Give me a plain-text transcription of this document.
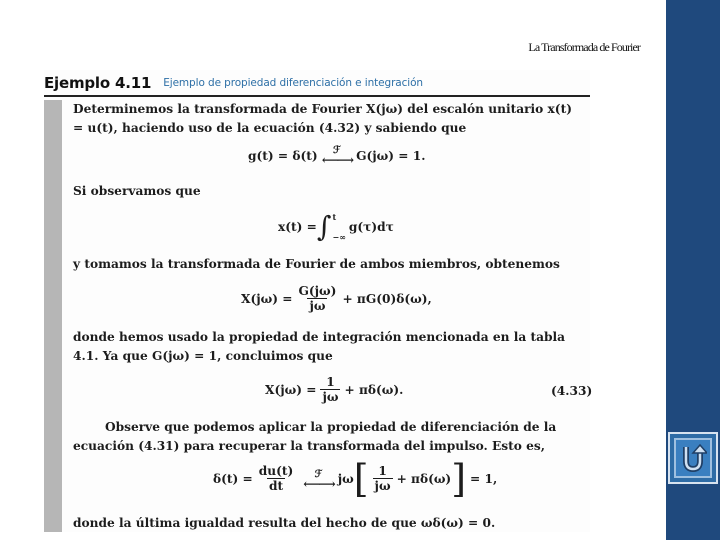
La Transformada de Fourier
Ejemplo 4.11 Ejemplo de propiedad diferenciación e integración
Determinemos la transformada de Fourier X(jω) del escalón unitario x(t) = u(t), haciendo uso de la ecuación (4.32) y sabiendo que
g(t) = δ(t) ℱ
⟵⟶ G(jω) = 1.
Si observamos que
x(t) = ∫ t
−∞
g(τ)dτ
y tomamos la transformada de Fourier de ambos miembros, obtenemos
$X(j\omega) = \frac{G(j\omega)}{j\omega} + \pi G(0)\delta(\omega)$,
donde hemos usado la propiedad de integración mencionada en la tabla 4.1. Ya que G(jω) = 1, concluimos que
$X(j\omega) = \frac{1}{j\omega} + \pi\delta(\omega)$.	(4.33)
Observe que podemos aplicar la propiedad de diferenciación de la ecuación (4.31) para recuperar la transformada del impulso. Esto es,
$\delta(t) = \frac{du(t)}{dt}$ ℱ
⟵⟶ jω [ $\frac{1}{j\omega} + \pi\delta(\omega)$ ] = 1,
donde la última igualdad resulta del hecho de que ωδ(ω) = 0.
